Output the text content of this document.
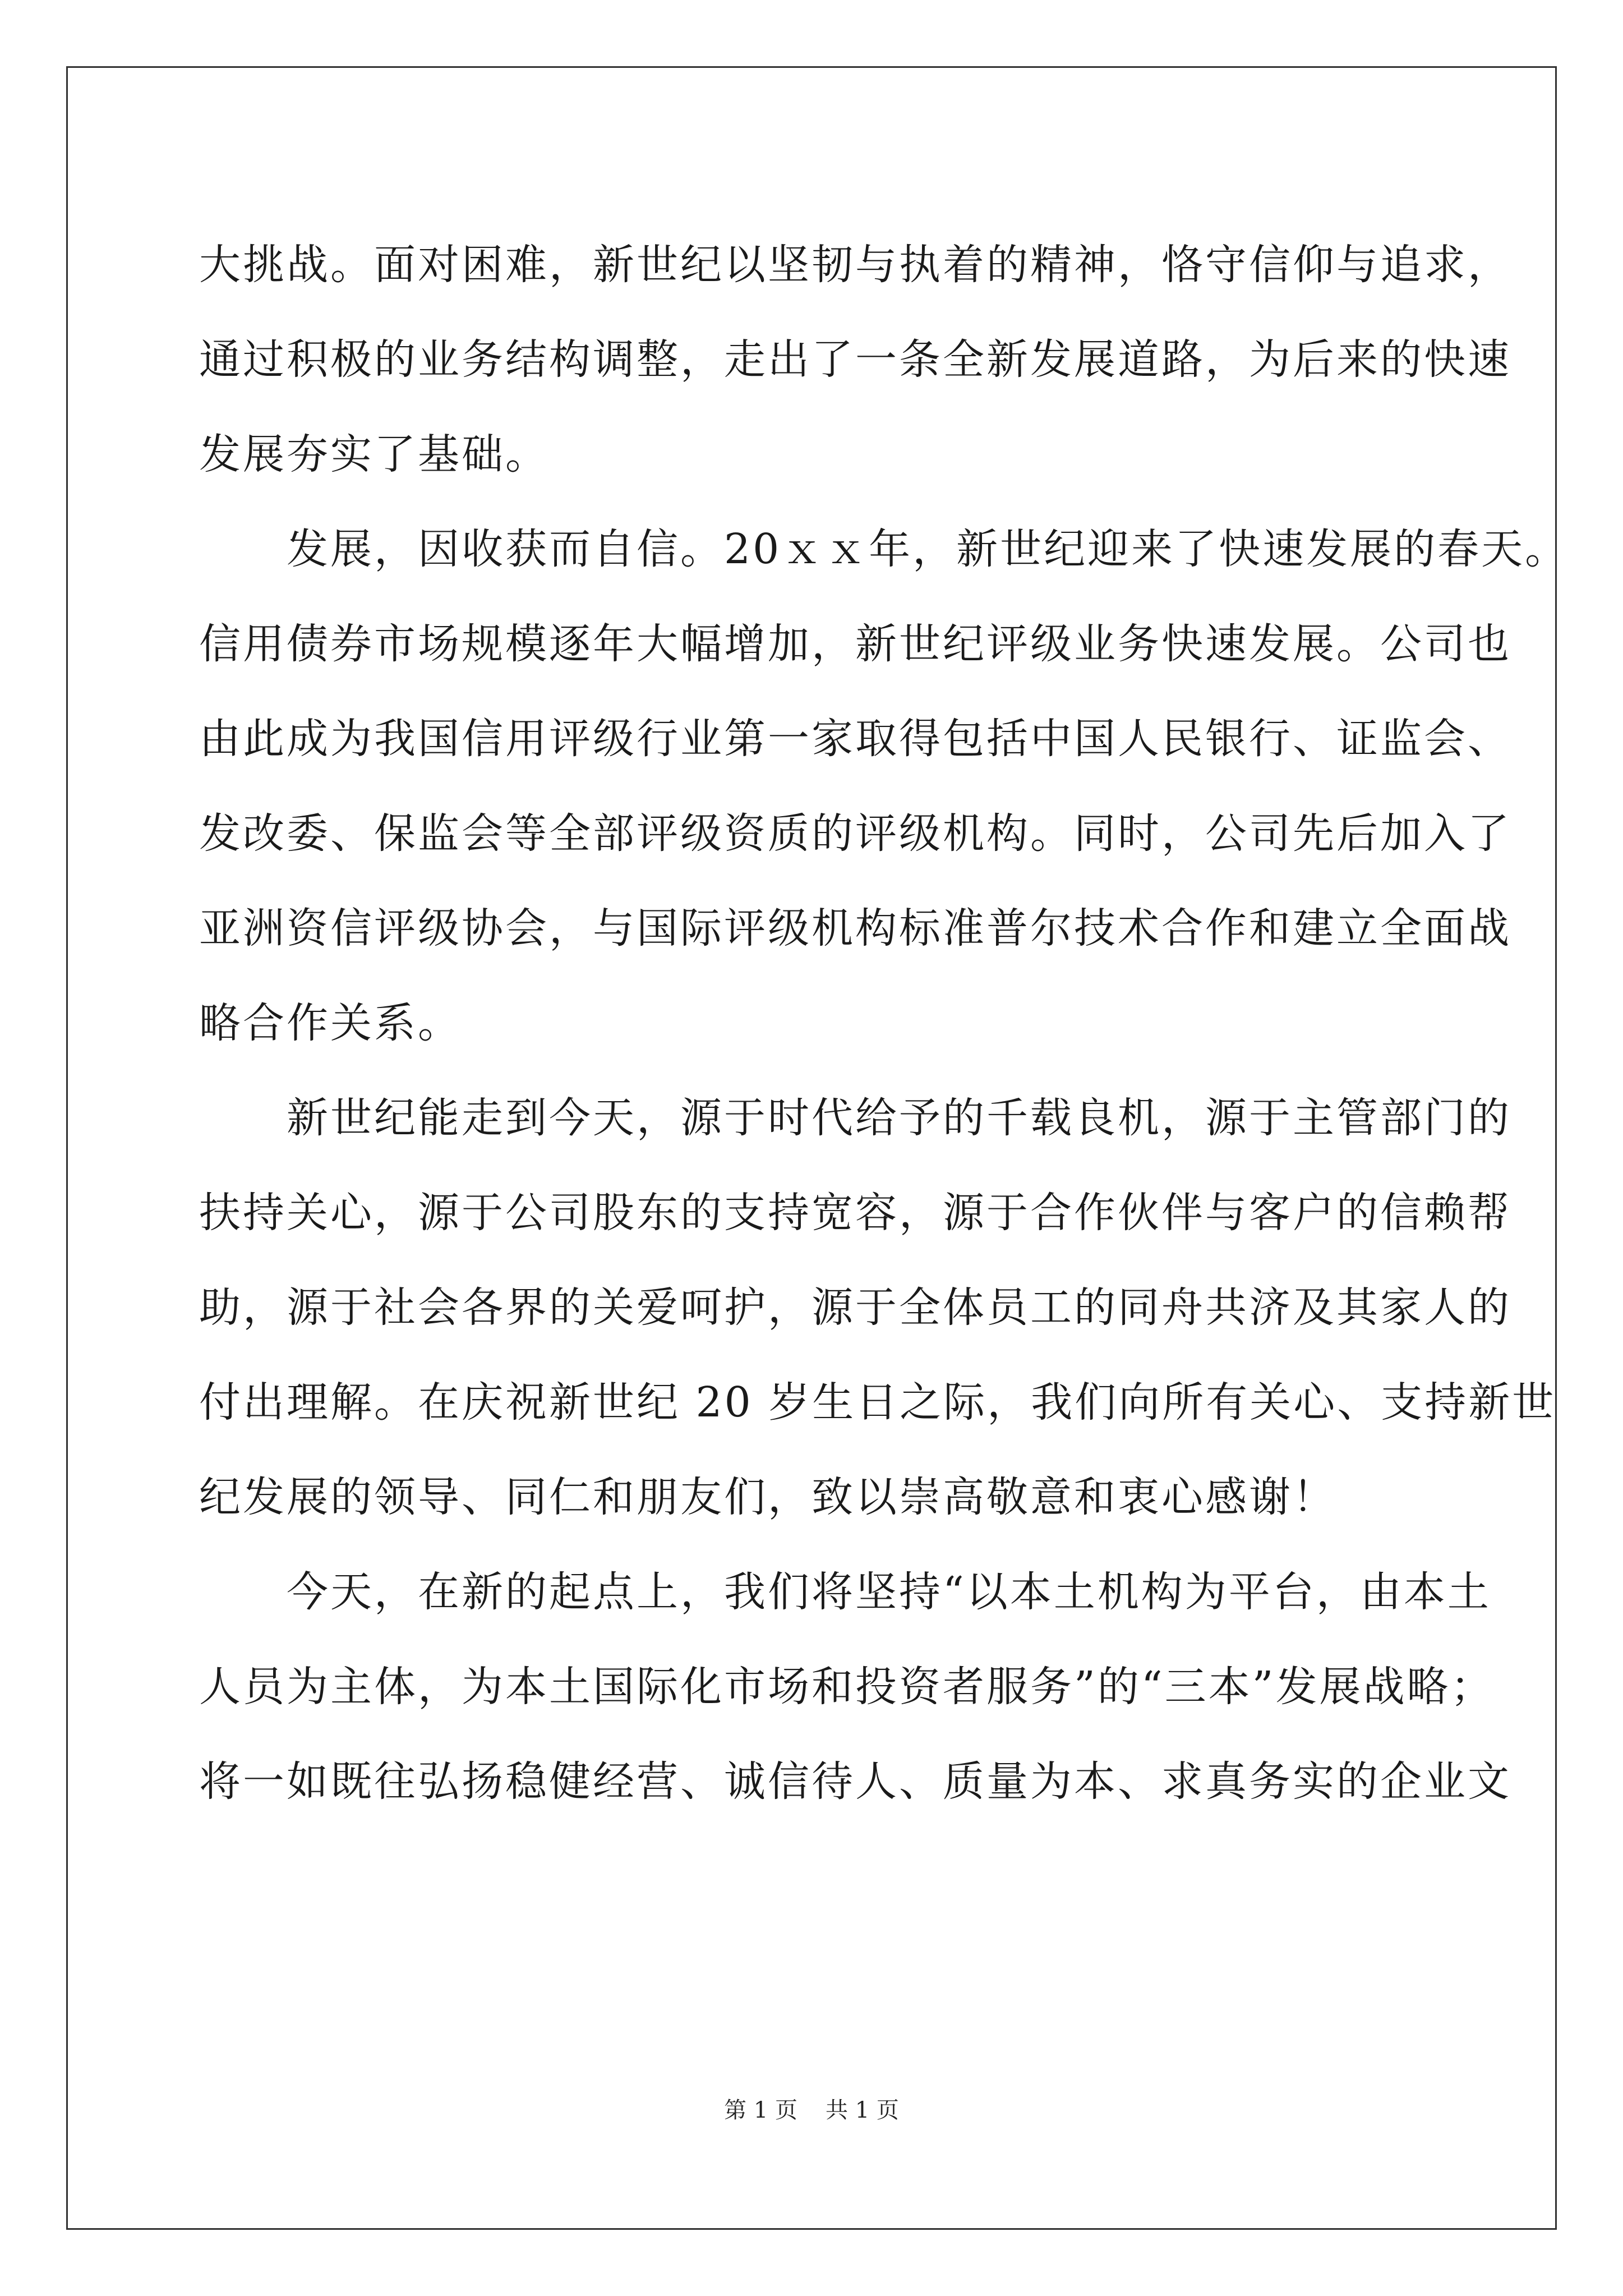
大挑战。面对困难，新世纪以坚韧与执着的精神，恪守信仰与追求，
通过积极的业务结构调整，走出了一条全新发展道路，为后来的快速
发展夯实了基础。
　　发展，因收获而自信。20ｘｘ年，新世纪迎来了快速发展的春天。
信用债券市场规模逐年大幅增加，新世纪评级业务快速发展。公司也
由此成为我国信用评级行业第一家取得包括中国人民银行、证监会、
发改委、保监会等全部评级资质的评级机构。同时，公司先后加入了
亚洲资信评级协会，与国际评级机构标准普尔技术合作和建立全面战
略合作关系。
　　新世纪能走到今天，源于时代给予的千载良机，源于主管部门的
扶持关心，源于公司股东的支持宽容，源于合作伙伴与客户的信赖帮
助，源于社会各界的关爱呵护，源于全体员工的同舟共济及其家人的
付出理解。在庆祝新世纪 20 岁生日之际，我们向所有关心、支持新世
纪发展的领导、同仁和朋友们，致以崇高敬意和衷心感谢！
　　今天，在新的起点上，我们将坚持“以本土机构为平台，由本土
人员为主体，为本土国际化市场和投资者服务”的“三本”发展战略；
将一如既往弘扬稳健经营、诚信待人、质量为本、求真务实的企业文
第 1 页 共 1 页
